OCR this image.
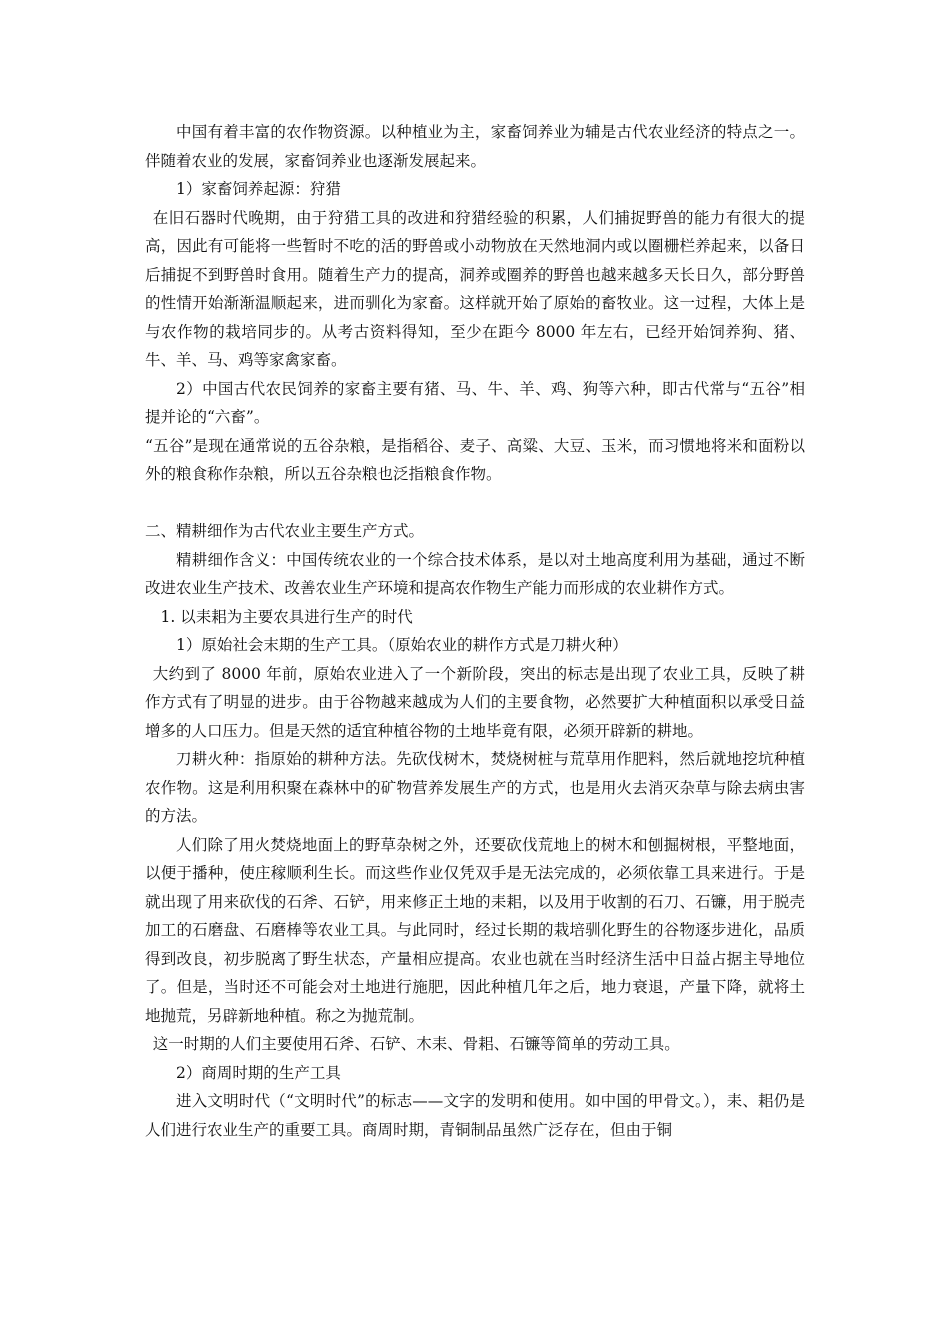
中国有着丰富的农作物资源。以种植业为主，家畜饲养业为辅是古代农业经济的特点之一。伴随着农业的发展，家畜饲养业也逐渐发展起来。

1）家畜饲养起源：狩猎

在旧石器时代晚期，由于狩猎工具的改进和狩猎经验的积累，人们捕捉野兽的能力有很大的提高，因此有可能将一些暂时不吃的活的野兽或小动物放在天然地洞内或以圈栅栏养起来，以备日后捕捉不到野兽时食用。随着生产力的提高，洞养或圈养的野兽也越来越多天长日久，部分野兽的性情开始渐渐温顺起来，进而驯化为家畜。这样就开始了原始的畜牧业。这一过程，大体上是与农作物的栽培同步的。从考古资料得知，至少在距今 8000 年左右，已经开始饲养狗、猪、牛、羊、马、鸡等家禽家畜。

2）中国古代农民饲养的家畜主要有猪、马、牛、羊、鸡、狗等六种，即古代常与“五谷”相提并论的“六畜”。

“五谷”是现在通常说的五谷杂粮，是指稻谷、麦子、高粱、大豆、玉米，而习惯地将米和面粉以外的粮食称作杂粮，所以五谷杂粮也泛指粮食作物。

二、精耕细作为古代农业主要生产方式。

精耕细作含义：中国传统农业的一个综合技术体系，是以对土地高度利用为基础，通过不断改进农业生产技术、改善农业生产环境和提高农作物生产能力而形成的农业耕作方式。

1. 以耒耜为主要农具进行生产的时代

1）原始社会末期的生产工具。（原始农业的耕作方式是刀耕火种）

大约到了 8000 年前，原始农业进入了一个新阶段，突出的标志是出现了农业工具，反映了耕作方式有了明显的进步。由于谷物越来越成为人们的主要食物，必然要扩大种植面积以承受日益增多的人口压力。但是天然的适宜种植谷物的土地毕竟有限，必须开辟新的耕地。

刀耕火种：指原始的耕种方法。先砍伐树木，焚烧树桩与荒草用作肥料，然后就地挖坑种植农作物。这是利用积聚在森林中的矿物营养发展生产的方式，也是用火去消灭杂草与除去病虫害的方法。

人们除了用火焚烧地面上的野草杂树之外，还要砍伐荒地上的树木和刨掘树根，平整地面，以便于播种，使庄稼顺利生长。而这些作业仅凭双手是无法完成的，必须依靠工具来进行。于是就出现了用来砍伐的石斧、石铲，用来修正土地的耒耜，以及用于收割的石刀、石镰，用于脱壳加工的石磨盘、石磨棒等农业工具。与此同时，经过长期的栽培驯化野生的谷物逐步进化，品质得到改良，初步脱离了野生状态，产量相应提高。农业也就在当时经济生活中日益占据主导地位了。但是，当时还不可能会对土地进行施肥，因此种植几年之后，地力衰退，产量下降，就将土地抛荒，另辟新地种植。称之为抛荒制。

这一时期的人们主要使用石斧、石铲、木耒、骨耜、石镰等简单的劳动工具。

2）商周时期的生产工具

进入文明时代（“文明时代”的标志——文字的发明和使用。如中国的甲骨文。），耒、耜仍是人们进行农业生产的重要工具。商周时期，青铜制品虽然广泛存在，但由于铜
